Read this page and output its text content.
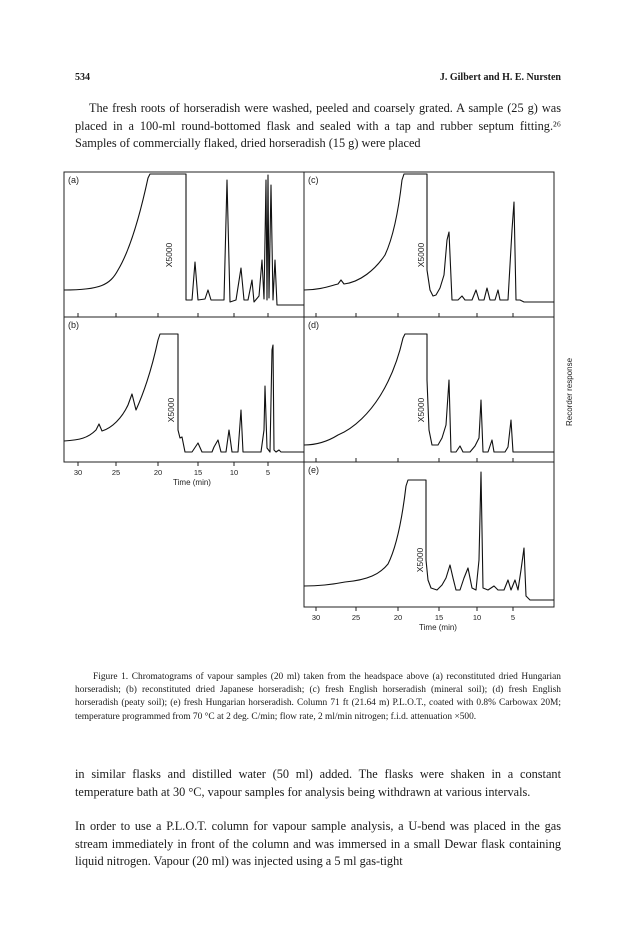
534	J. Gilbert and H. E. Nursten

The fresh roots of horseradish were washed, peeled and coarsely grated. A sample (25 g) was placed in a 100-ml round-bottomed flask and sealed with a tap and rubber septum fitting.²⁶ Samples of commercially flaked, dried horseradish (15 g) were placed

(a)
(b)
(c)
(d)
(e)
X5000
X5000
X5000
X5000
X5000
30	25	20	15	10	5
Time (min)
30	25	20	15	10	5
Time (min)
Recorder response

Figure 1. Chromatograms of vapour samples (20 ml) taken from the headspace above (a) reconstituted dried Hungarian horseradish; (b) reconstituted dried Japanese horseradish; (c) fresh English horseradish (mineral soil); (d) fresh English horseradish (peaty soil); (e) fresh Hungarian horseradish. Column 71 ft (21.64 m) P.L.O.T., coated with 0.8% Carbowax 20M; temperature programmed from 70 °C at 2 deg. C/min; flow rate, 2 ml/min nitrogen; f.i.d. attenuation ×500.

in similar flasks and distilled water (50 ml) added. The flasks were shaken in a constant temperature bath at 30 °C, vapour samples for analysis being withdrawn at various intervals.

In order to use a P.L.O.T. column for vapour sample analysis, a U-bend was placed in the gas stream immediately in front of the column and was immersed in a small Dewar flask containing liquid nitrogen. Vapour (20 ml) was injected using a 5 ml gas-tight
